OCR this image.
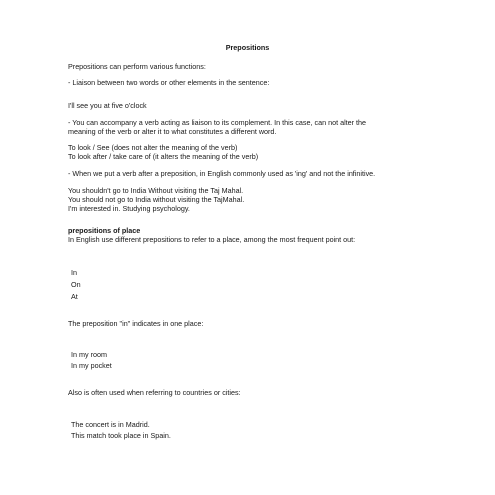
Prepositions

Prepositions can perform various functions:

- Liaison between two words or other elements in the sentence:

I'll see you at five o'clock

- You can accompany a verb acting as liaison to its complement. In this case, can not alter the

meaning of the verb or alter it to what constitutes a different word.

To look / See (does not alter the meaning of the verb)

To look after / take care of (it alters the meaning of the verb)

- When we put a verb after a preposition, in English commonly used as 'ing' and not the infinitive.

You shouldn't go to India Without visiting the Taj Mahal.

You should not go to India without visiting the TajMahal.

I'm interested in. Studying psychology.

prepositions of place

In English use different prepositions to refer to a place, among the most frequent point out:

In

On

At

The preposition "in" indicates in one place:

In my room

In my pocket

Also is often used when referring to countries or cities:

The concert is in Madrid.

This match took place in Spain.
